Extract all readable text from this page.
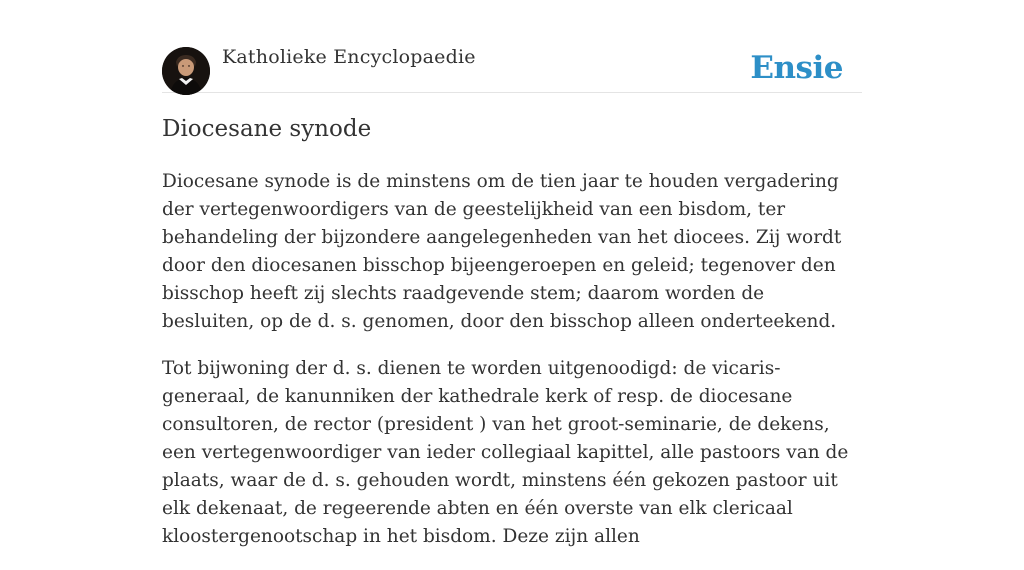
Katholieke Encyclopaedie	Ensie
Diocesane synode

Diocesane synode is de minstens om de tien jaar te houden vergadering der vertegenwoordigers van de geestelijkheid van een bisdom, ter behandeling der bijzondere aangelegenheden van het diocees. Zij wordt door den diocesanen bisschop bijeengeroepen en geleid; tegenover den bisschop heeft zij slechts raadgevende stem; daarom worden de besluiten, op de d. s. genomen, door den bisschop alleen onderteekend.

Tot bijwoning der d. s. dienen te worden uitgenoodigd: de vicaris-generaal, de kanunniken der kathedrale kerk of resp. de diocesane consultoren, de rector (president ) van het groot-seminarie, de dekens, een vertegenwoordiger van ieder collegiaal kapittel, alle pastoors van de plaats, waar de d. s. gehouden wordt, minstens één gekozen pastoor uit elk dekenaat, de regeerende abten en één overste van elk clericaal kloostergenootschap in het bisdom. Deze zijn allen
